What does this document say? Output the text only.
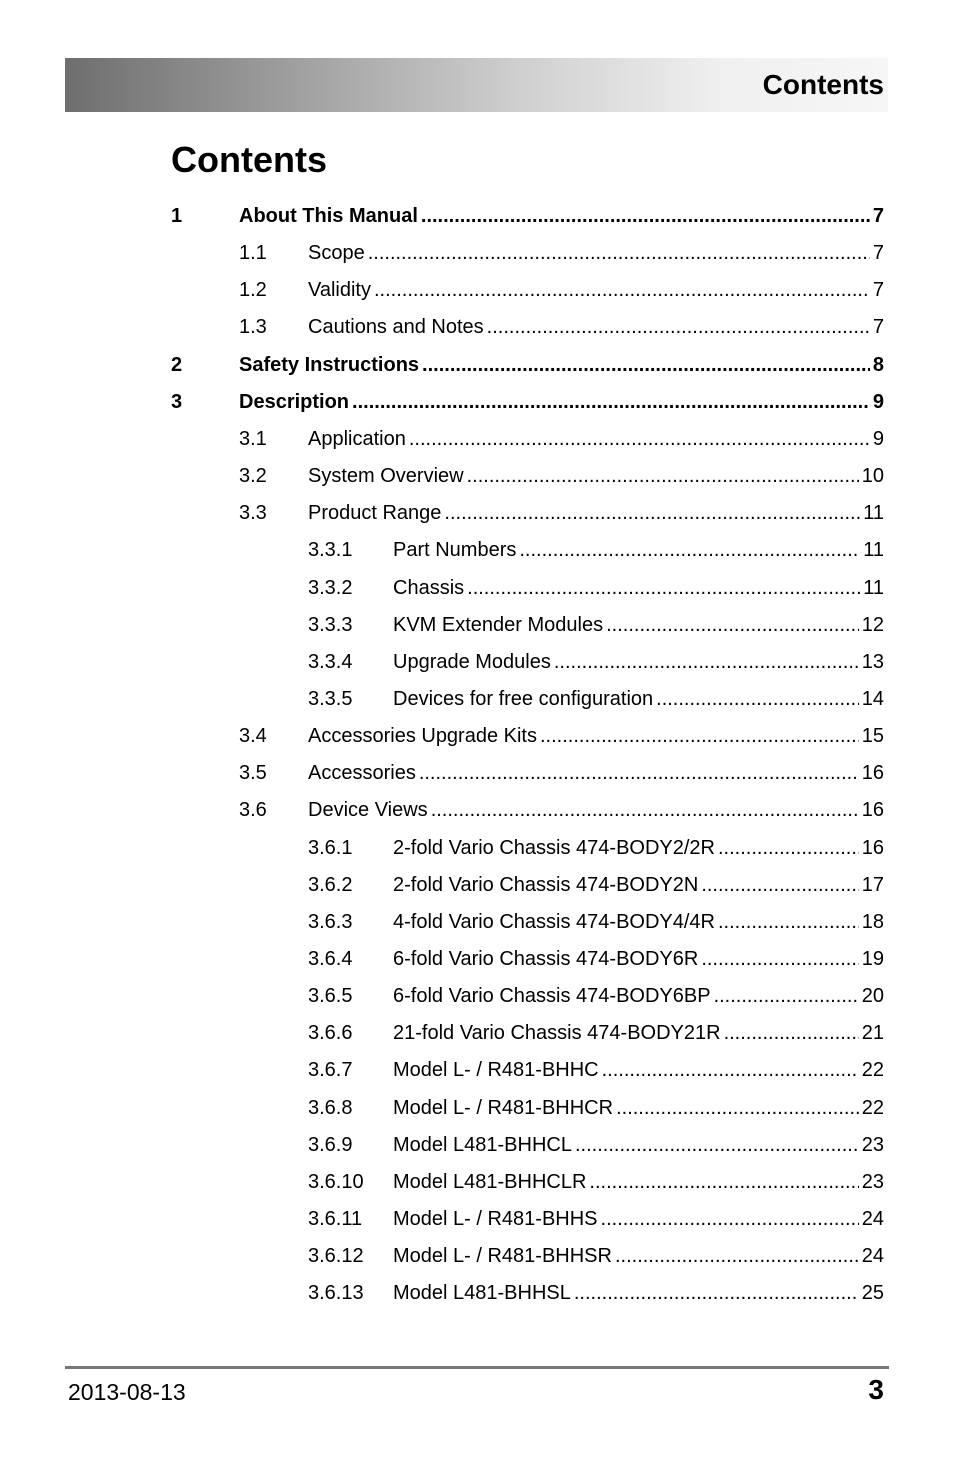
Contents
Contents
1	About This Manual .....	7
1.1 Scope .....	7
1.2 Validity .....	7
1.3 Cautions and Notes .....	7
2	Safety Instructions .....	8
3	Description .....	9
3.1 Application .....	9
3.2 System Overview .....	10
3.3 Product Range .....	11
3.3.1 Part Numbers .....	11
3.3.2 Chassis .....	11
3.3.3 KVM Extender Modules .....	12
3.3.4 Upgrade Modules .....	13
3.3.5 Devices for free configuration .....	14
3.4 Accessories Upgrade Kits .....	15
3.5 Accessories .....	16
3.6 Device Views .....	16
3.6.1 2-fold Vario Chassis 474-BODY2/2R .....	16
3.6.2 2-fold Vario Chassis 474-BODY2N .....	17
3.6.3 4-fold Vario Chassis 474-BODY4/4R .....	18
3.6.4 6-fold Vario Chassis 474-BODY6R .....	19
3.6.5 6-fold Vario Chassis 474-BODY6BP .....	20
3.6.6 21-fold Vario Chassis 474-BODY21R .....	21
3.6.7 Model L- / R481-BHHC .....	22
3.6.8 Model L- / R481-BHHCR .....	22
3.6.9 Model L481-BHHCL .....	23
3.6.10 Model L481-BHHCLR .....	23
3.6.11 Model L- / R481-BHHS .....	24
3.6.12 Model L- / R481-BHHSR .....	24
3.6.13 Model L481-BHHSL .....	25
2013-08-13	3
